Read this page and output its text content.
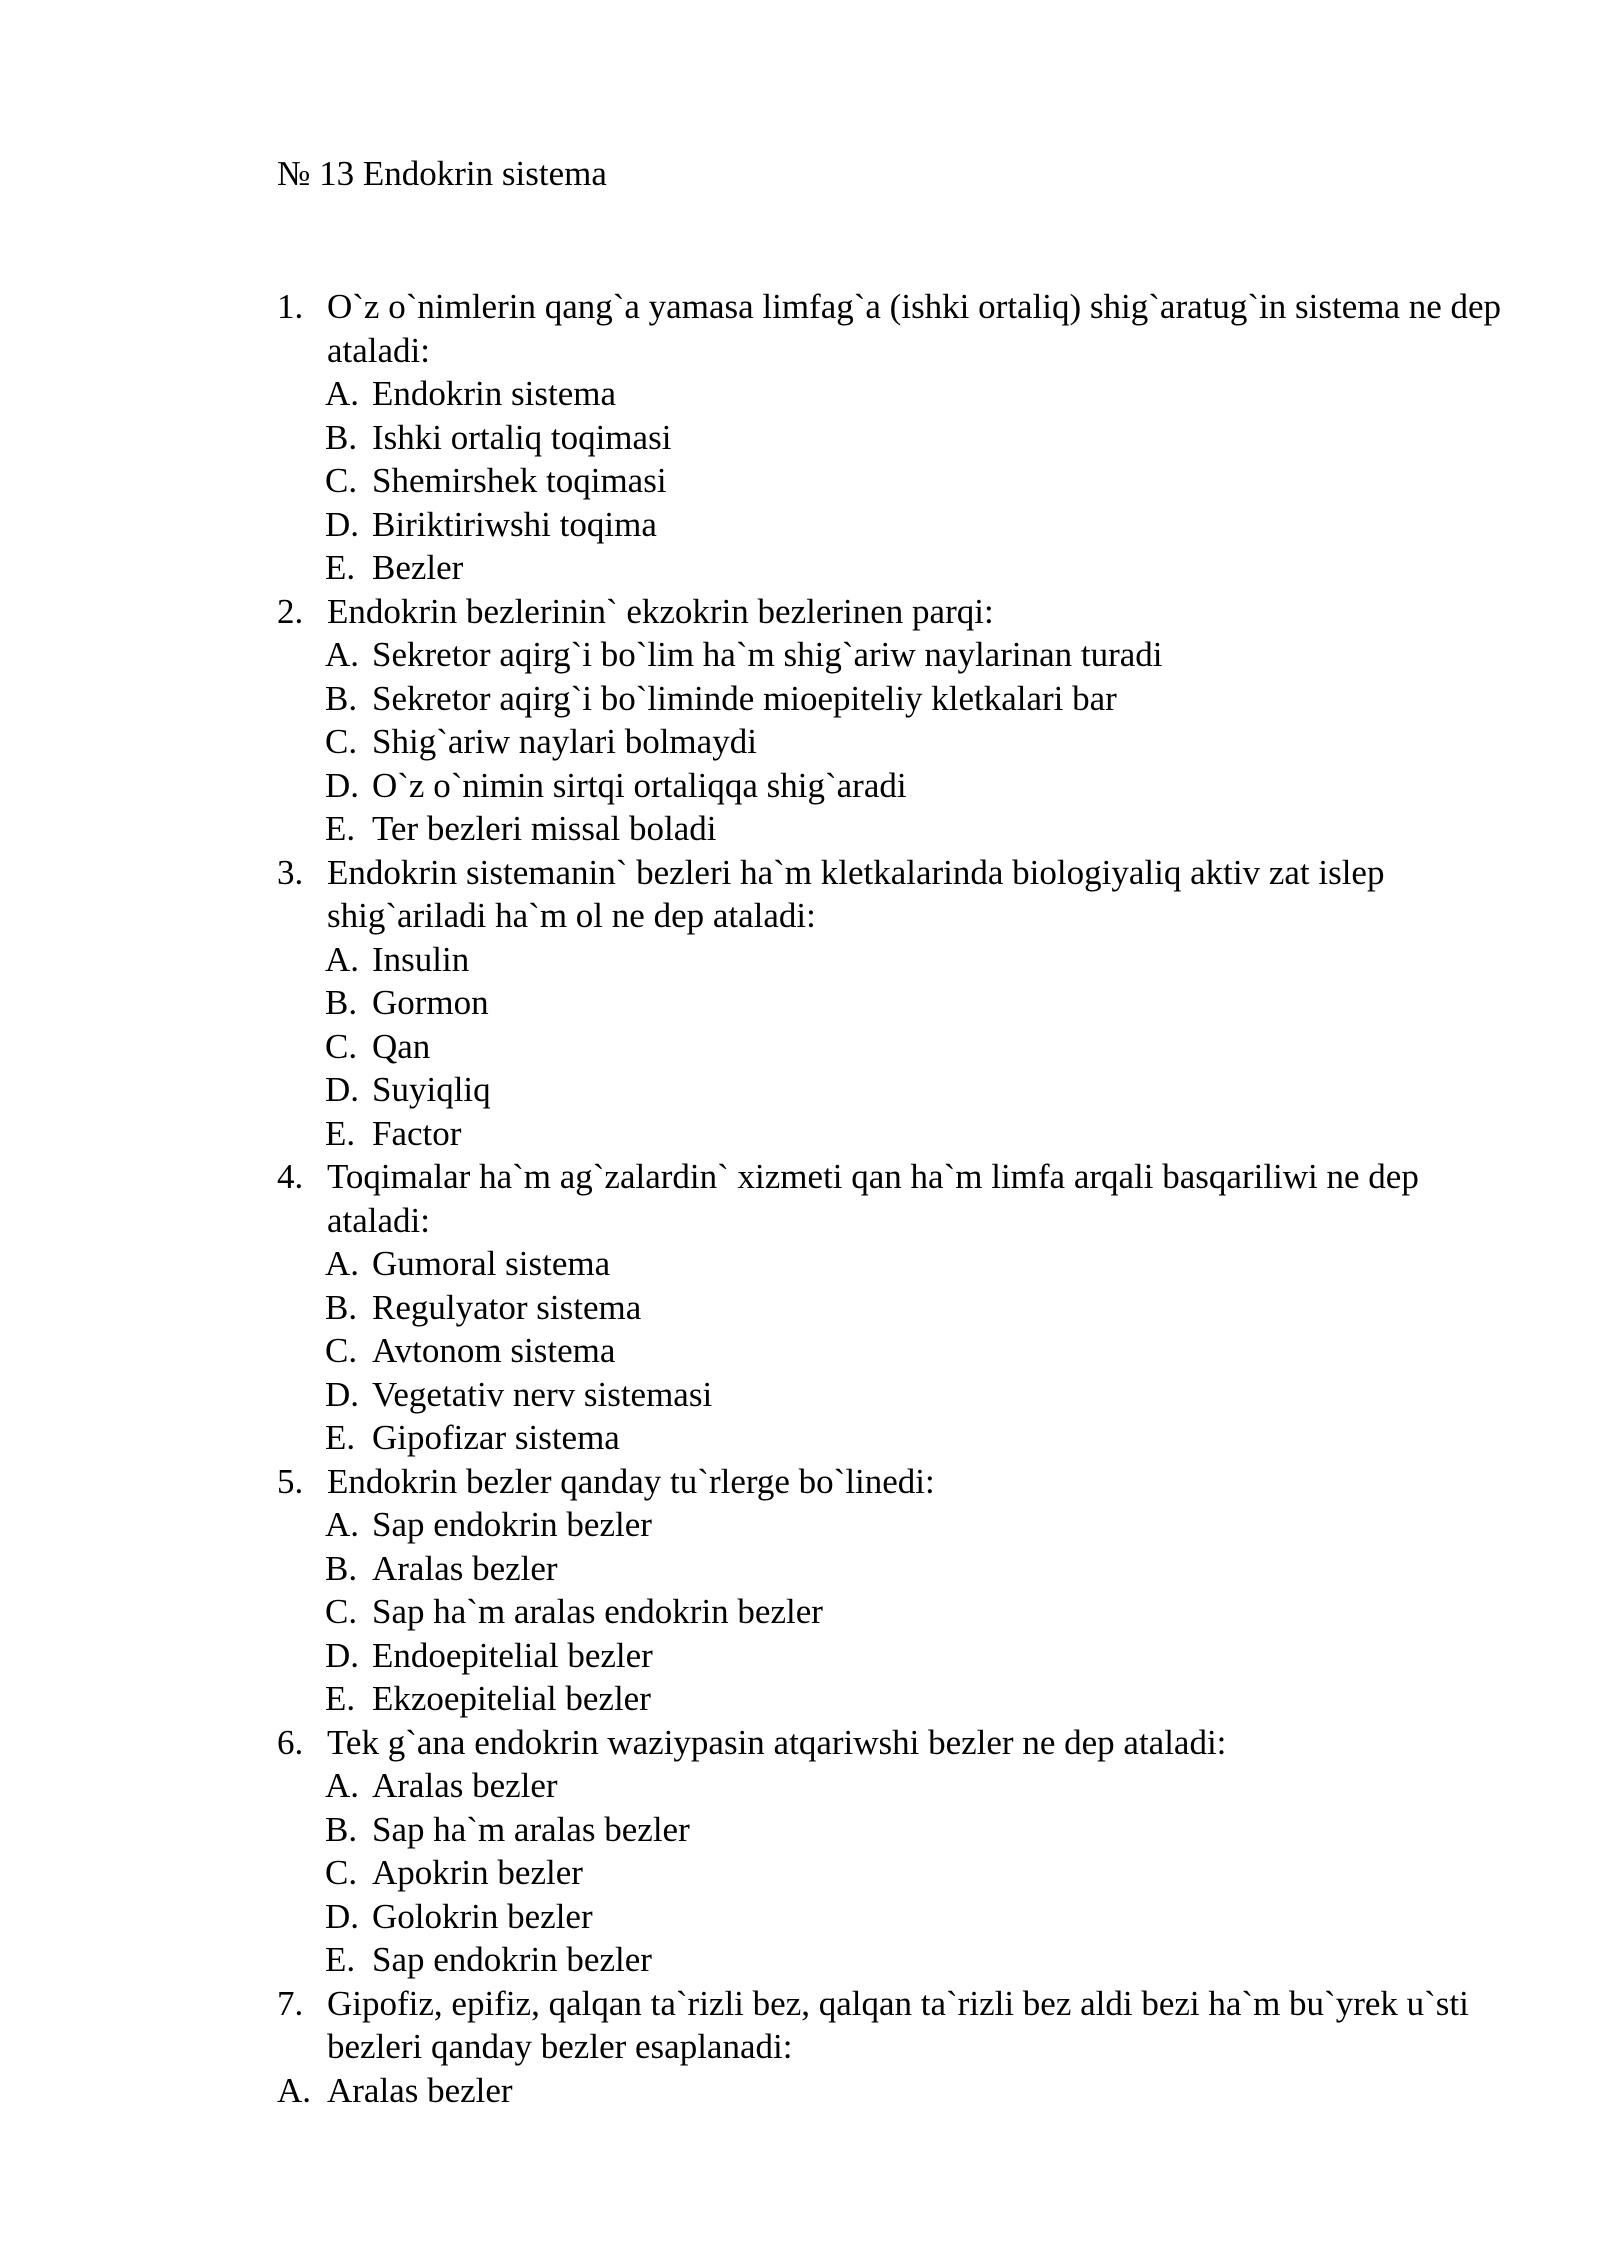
№ 13 Endokrin sistema
1. O`z o`nimlerin qang`a yamasa limfag`a (ishki ortaliq) shig`aratug`in sistema ne dep ataladi:
A. Endokrin sistema
B. Ishki ortaliq toqimasi
C. Shemirshek toqimasi
D. Biriktiriwshi toqima
E. Bezler
2. Endokrin bezlerinin` ekzokrin bezlerinen parqi:
A. Sekretor aqirg`i bo`lim ha`m shig`ariw naylarinan turadi
B. Sekretor aqirg`i bo`liminde mioepiteliy kletkalari bar
C. Shig`ariw naylari bolmaydi
D. O`z o`nimin sirtqi ortaliqqa shig`aradi
E. Ter bezleri missal boladi
3. Endokrin sistemanin` bezleri ha`m kletkalarinda biologiyaliq aktiv zat islep shig`ariladi ha`m ol ne dep ataladi:
A. Insulin
B. Gormon
C. Qan
D. Suyiqliq
E. Factor
4. Toqimalar ha`m ag`zalardin` xizmeti qan ha`m limfa arqali basqariliwi ne dep ataladi:
A. Gumoral sistema
B. Regulyator sistema
C. Avtonom sistema
D. Vegetativ nerv sistemasi
E. Gipofizar sistema
5. Endokrin bezler qanday tu`rlerge bo`linedi:
A. Sap endokrin bezler
B. Aralas bezler
C. Sap ha`m aralas endokrin bezler
D. Endoepitelial bezler
E. Ekzoepitelial bezler
6. Tek g`ana endokrin waziypasin atqariwshi bezler ne dep ataladi:
A. Aralas bezler
B. Sap ha`m aralas bezler
C. Apokrin bezler
D. Golokrin bezler
E. Sap endokrin bezler
7. Gipofiz, epifiz, qalqan ta`rizli bez, qalqan ta`rizli bez aldi bezi ha`m bu`yrek u`sti bezleri qanday bezler esaplanadi:
A. Aralas bezler
